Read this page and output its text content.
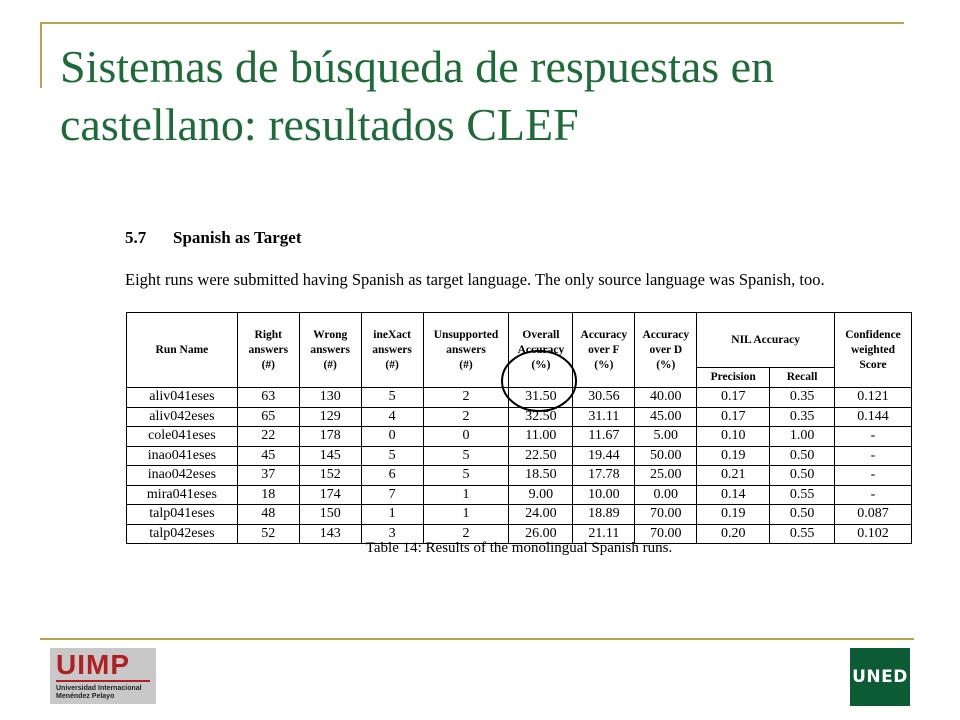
Sistemas de búsqueda de respuestas en castellano: resultados CLEF
5.7 Spanish as Target
Eight runs were submitted having Spanish as target language. The only source language was Spanish, too.
Run Name	Right
answers
(#)	Wrong
answers
(#)	ineXact
answers
(#)	Unsupported
answers
(#)	Overall
Accuracy
(%)	Accuracy
over F
(%)	Accuracy
over D
(%)	NIL Accuracy		Confidence
weighted
Score
								Precision	Recall	
aliv041eses	63	130	5	2	31.50	30.56	40.00	0.17	0.35	0.121
aliv042eses	65	129	4	2	32.50	31.11	45.00	0.17	0.35	0.144
cole041eses	22	178	0	0	11.00	11.67	5.00	0.10	1.00	-
inao041eses	45	145	5	5	22.50	19.44	50.00	0.19	0.50	-
inao042eses	37	152	6	5	18.50	17.78	25.00	0.21	0.50	-
mira041eses	18	174	7	1	9.00	10.00	0.00	0.14	0.55	-
talp041eses	48	150	1	1	24.00	18.89	70.00	0.19	0.50	0.087
talp042eses	52	143	3	2	26.00	21.11	70.00	0.20	0.55	0.102
Table 14: Results of the monolingual Spanish runs.
UIMP
Universidad Internacional
Menéndez Pelayo
UNED
